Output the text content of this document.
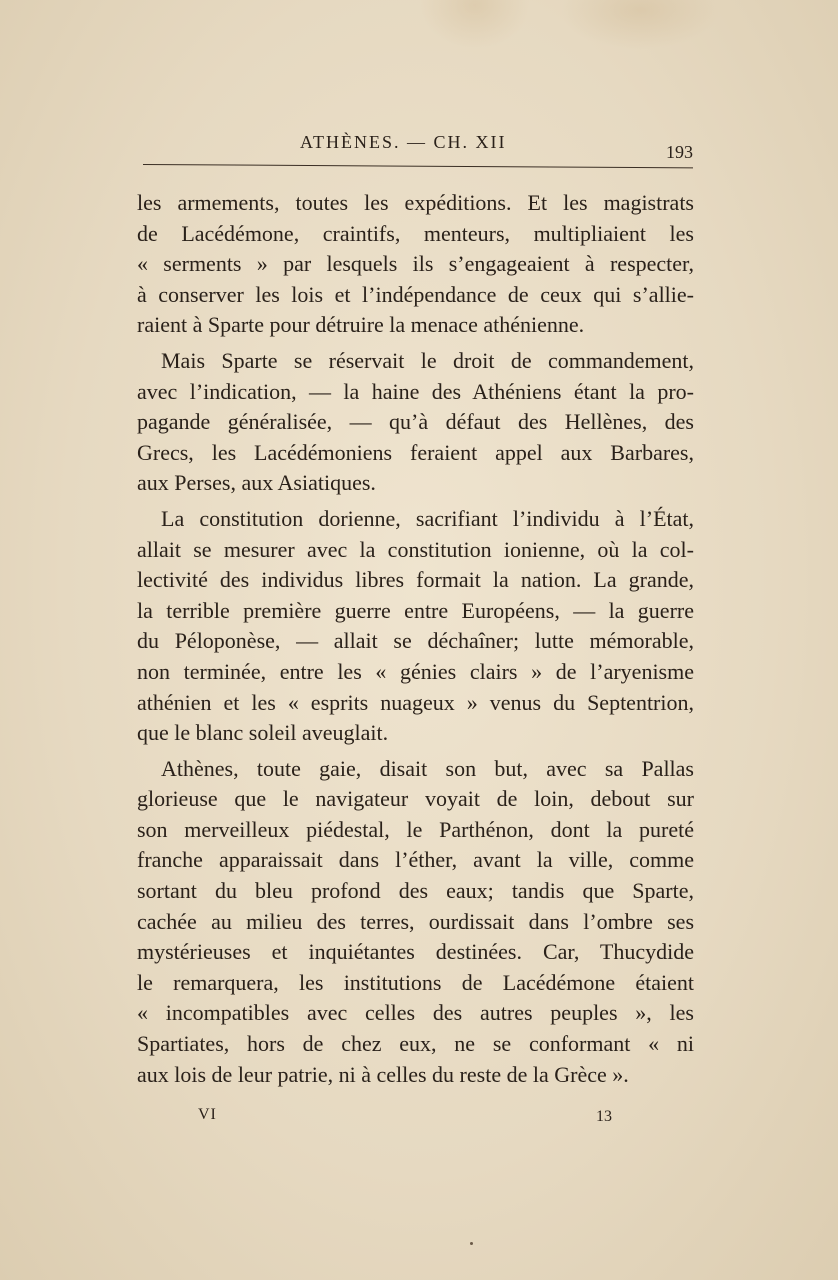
ATHÈNES. — CH. XII	193
les armements, toutes les expéditions. Et les magistrats
de Lacédémone, craintifs, menteurs, multipliaient les
« serments » par lesquels ils s’engageaient à respecter,
à conserver les lois et l’indépendance de ceux qui s’allie-
raient à Sparte pour détruire la menace athénienne.
Mais Sparte se réservait le droit de commandement,
avec l’indication, — la haine des Athéniens étant la pro-
pagande généralisée, — qu’à défaut des Hellènes, des
Grecs, les Lacédémoniens feraient appel aux Barbares,
aux Perses, aux Asiatiques.
La constitution dorienne, sacrifiant l’individu à l’État,
allait se mesurer avec la constitution ionienne, où la col-
lectivité des individus libres formait la nation. La grande,
la terrible première guerre entre Européens, — la guerre
du Péloponèse, — allait se déchaîner; lutte mémorable,
non terminée, entre les « génies clairs » de l’aryenisme
athénien et les « esprits nuageux » venus du Septentrion,
que le blanc soleil aveuglait.
Athènes, toute gaie, disait son but, avec sa Pallas
glorieuse que le navigateur voyait de loin, debout sur
son merveilleux piédestal, le Parthénon, dont la pureté
franche apparaissait dans l’éther, avant la ville, comme
sortant du bleu profond des eaux; tandis que Sparte,
cachée au milieu des terres, ourdissait dans l’ombre ses
mystérieuses et inquiétantes destinées. Car, Thucydide
le remarquera, les institutions de Lacédémone étaient
« incompatibles avec celles des autres peuples », les
Spartiates, hors de chez eux, ne se conformant « ni
aux lois de leur patrie, ni à celles du reste de la Grèce ».
VI	13
